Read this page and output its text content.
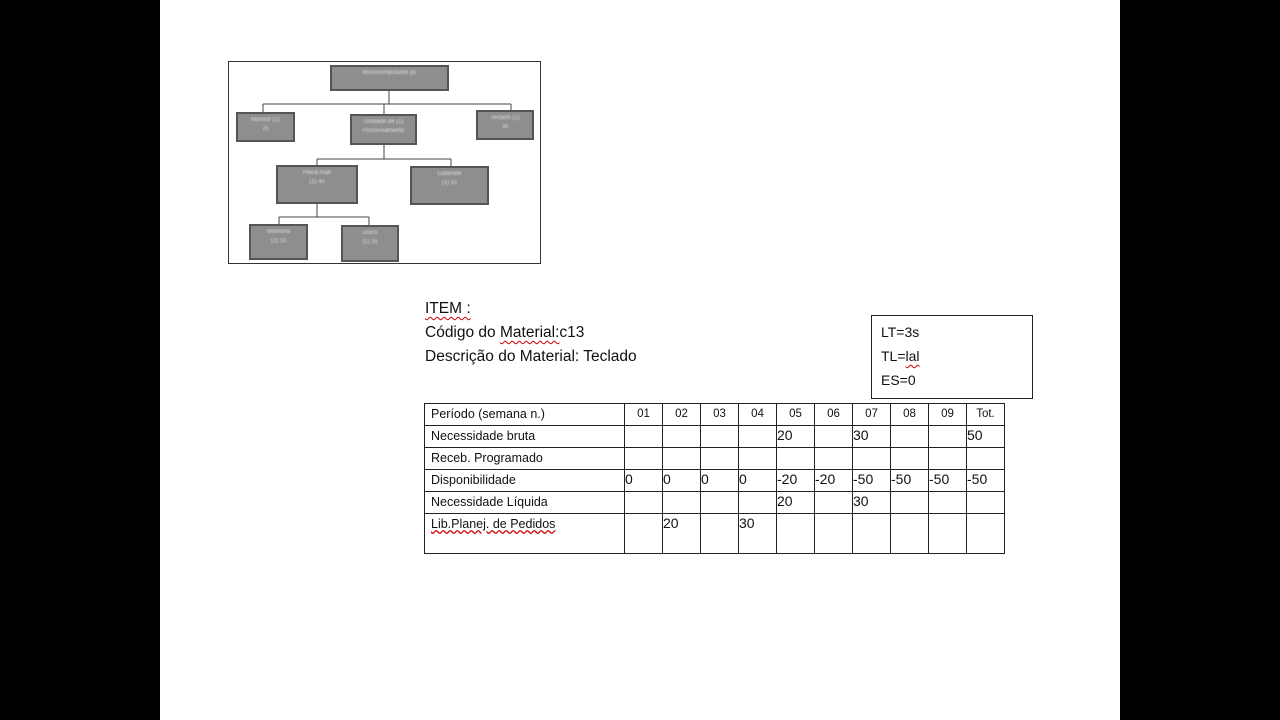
Microcomputador pc
Monitor (1)
2s
Unidade de (1)
Processamento
Teclado (1)
3s
Placa mãe
(1) 4s
Gabinete
(1) 1s
Memória
(2) 1s
Disco
(1) 2s
ITEM :
Código do Material:c13
Descrição do Material: Teclado
LT=3s
TL=lal
ES=0
Período (semana n.)	01	02	03	04	05	06	07	08	09	Tot.
Necessidade bruta					20		30			50
Receb. Programado										
Disponibilidade	0	0	0	0	-20	-20	-50	-50	-50	-50
Necessidade Líquida					20		30			
Lib.Planej. de Pedidos		20		30						
